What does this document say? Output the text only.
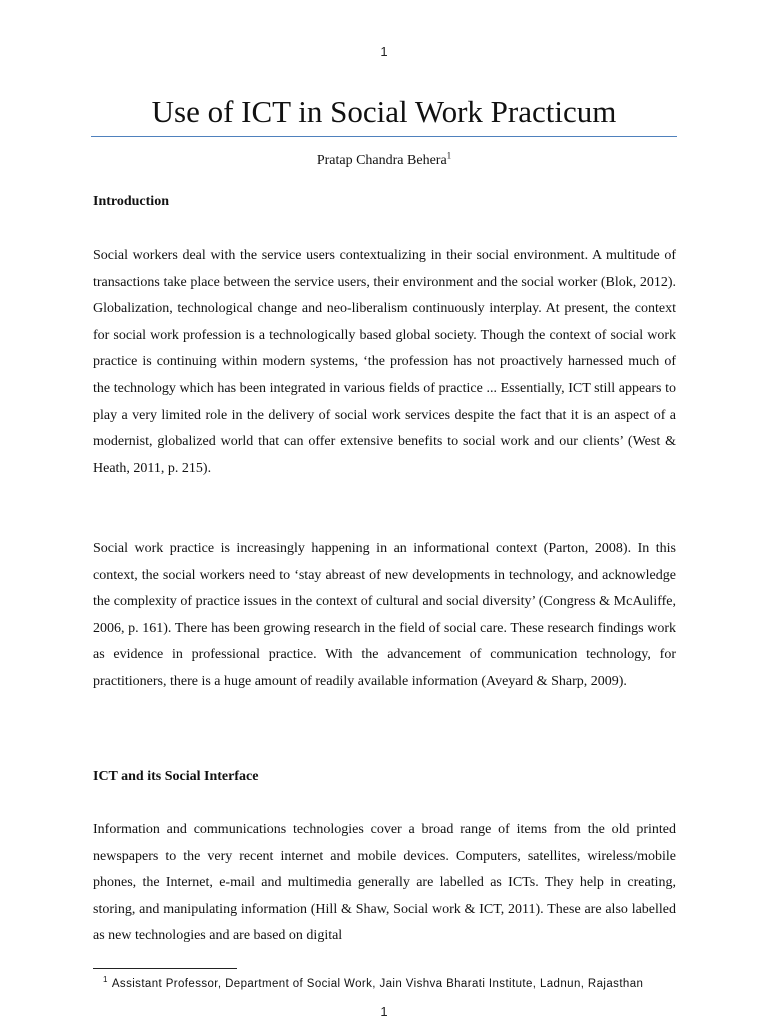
1
Use of ICT in Social Work Practicum
Pratap Chandra Behera$^1$
Introduction

Social workers deal with the service users contextualizing in their social environment. A multitude of transactions take place between the service users, their environment and the social worker (Blok, 2012). Globalization, technological change and neo-liberalism continuously interplay. At present, the context for social work profession is a technologically based global society. Though the context of social work practice is continuing within modern systems, ‘the profession has not proactively harnessed much of the technology which has been integrated in various fields of practice ... Essentially, ICT still appears to play a very limited role in the delivery of social work services despite the fact that it is an aspect of a modernist, globalized world that can offer extensive benefits to social work and our clients’ (West & Heath, 2011, p. 215).

Social work practice is increasingly happening in an informational context (Parton, 2008). In this context, the social workers need to ‘stay abreast of new developments in technology, and acknowledge the complexity of practice issues in the context of cultural and social diversity’ (Congress & McAuliffe, 2006, p. 161). There has been growing research in the field of social care. These research findings work as evidence in professional practice. With the advancement of communication technology, for practitioners, there is a huge amount of readily available information (Aveyard & Sharp, 2009).

ICT and its Social Interface

Information and communications technologies cover a broad range of items from the old printed newspapers to the very recent internet and mobile devices. Computers, satellites, wireless/mobile phones, the Internet, e-mail and multimedia generally are labelled as ICTs. They help in creating, storing, and manipulating information (Hill & Shaw, Social work & ICT, 2011). These are also labelled as new technologies and are based on digital

$^1$ Assistant Professor, Department of Social Work, Jain Vishva Bharati Institute, Ladnun, Rajasthan
1
